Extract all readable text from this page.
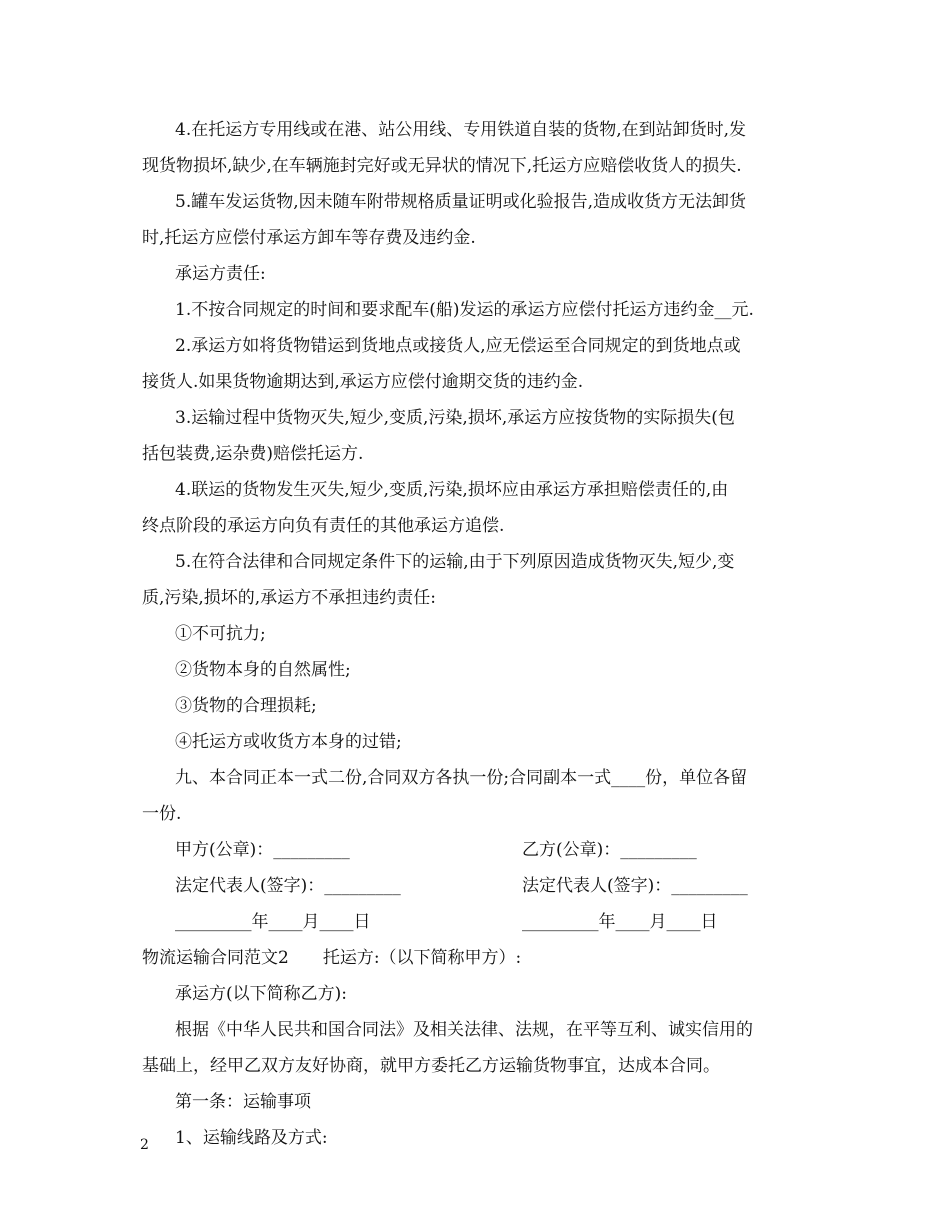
4.在托运方专用线或在港、站公用线、专用铁道自装的货物,在到站卸货时,发
现货物损坏,缺少,在车辆施封完好或无异状的情况下,托运方应赔偿收货人的损失.
5.罐车发运货物,因未随车附带规格质量证明或化验报告,造成收货方无法卸货
时,托运方应偿付承运方卸车等存费及违约金.
承运方责任:
1.不按合同规定的时间和要求配车(船)发运的承运方应偿付托运方违约金__元.
2.承运方如将货物错运到货地点或接货人,应无偿运至合同规定的到货地点或
接货人.如果货物逾期达到,承运方应偿付逾期交货的违约金.
3.运输过程中货物灭失,短少,变质,污染,损坏,承运方应按货物的实际损失(包
括包装费,运杂费)赔偿托运方.
4.联运的货物发生灭失,短少,变质,污染,损坏应由承运方承担赔偿责任的,由
终点阶段的承运方向负有责任的其他承运方追偿.
5.在符合法律和合同规定条件下的运输,由于下列原因造成货物灭失,短少,变
质,污染,损坏的,承运方不承担违约责任:
①不可抗力;
②货物本身的自然属性;
③货物的合理损耗;
④托运方或收货方本身的过错;
九、本合同正本一式二份,合同双方各执一份;合同副本一式____份，单位各留
一份.
甲方(公章)：_________	乙方(公章)：_________
法定代表人(签字)：_________	法定代表人(签字)：_________
_________年____月____日	_________年____月____日
物流运输合同范文2　　托运方:（以下简称甲方）:
承运方(以下简称乙方):
根据《中华人民共和国合同法》及相关法律、法规，在平等互利、诚实信用的
基础上，经甲乙双方友好协商，就甲方委托乙方运输货物事宜，达成本合同。
第一条：运输事项
1、运输线路及方式:
2
